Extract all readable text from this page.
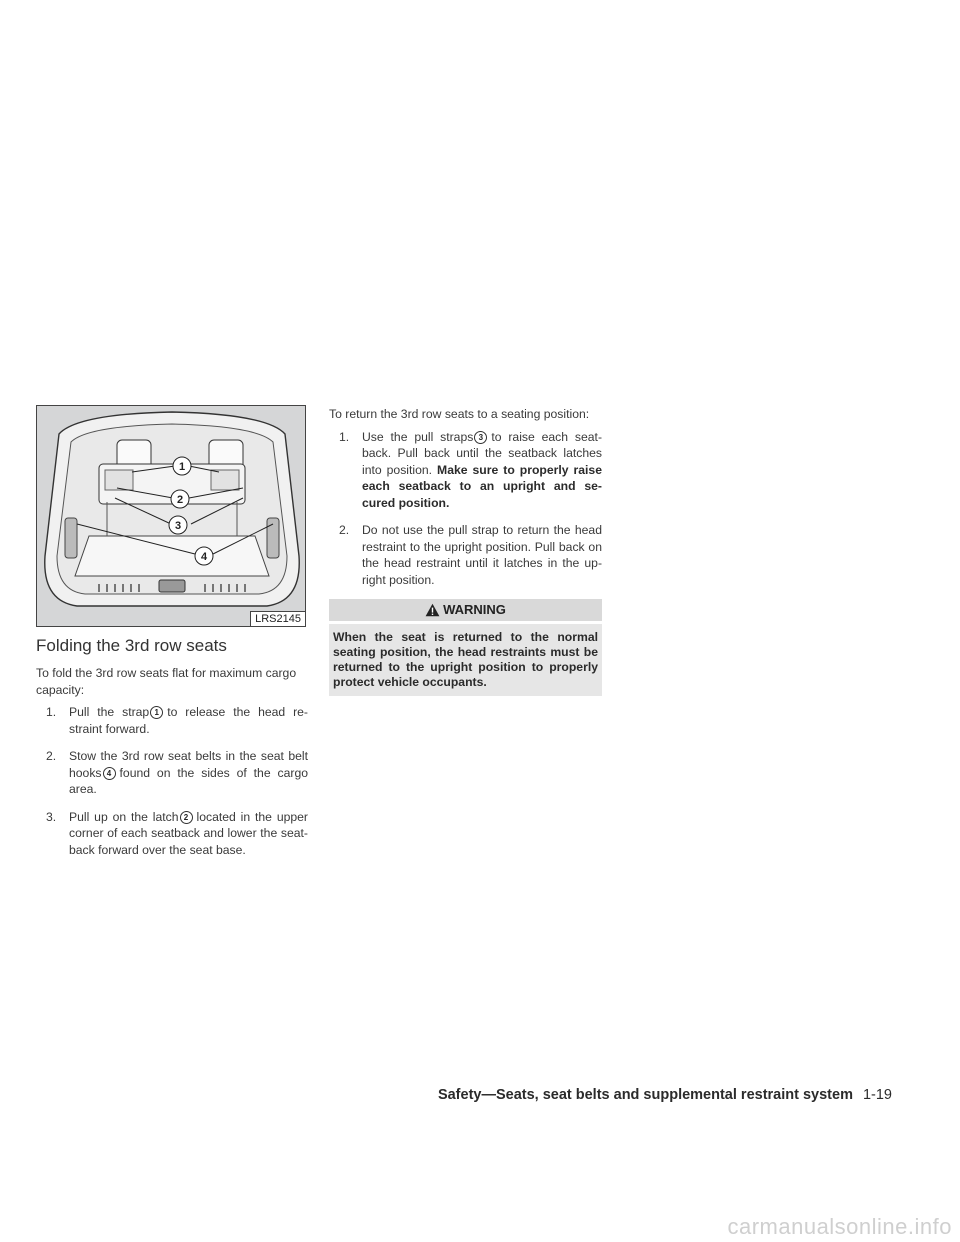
1
2
3
4
LRS2145
Folding the 3rd row seats

To fold the 3rd row seats flat for maximum cargo capacity:

1. Pull the strap 1 to release the head re-straint forward.
2. Stow the 3rd row seat belts in the seat belt hooks 4 found on the sides of the cargo area.
3. Pull up on the latch 2 located in the upper corner of each seatback and lower the seat-back forward over the seat base.

To return the 3rd row seats to a seating position:

1. Use the pull straps 3 to raise each seat-back. Pull back until the seatback latches into position. Make sure to properly raise each seatback to an upright and se-cured position.
2. Do not use the pull strap to return the head restraint to the upright position. Pull back on the head restraint until it latches in the up-right position.
WARNING
When the seat is returned to the normal seating position, the head restraints must be returned to the upright position to properly protect vehicle occupants.
Safety—Seats, seat belts and supplemental restraint system 1-19
carmanualsonline.info
